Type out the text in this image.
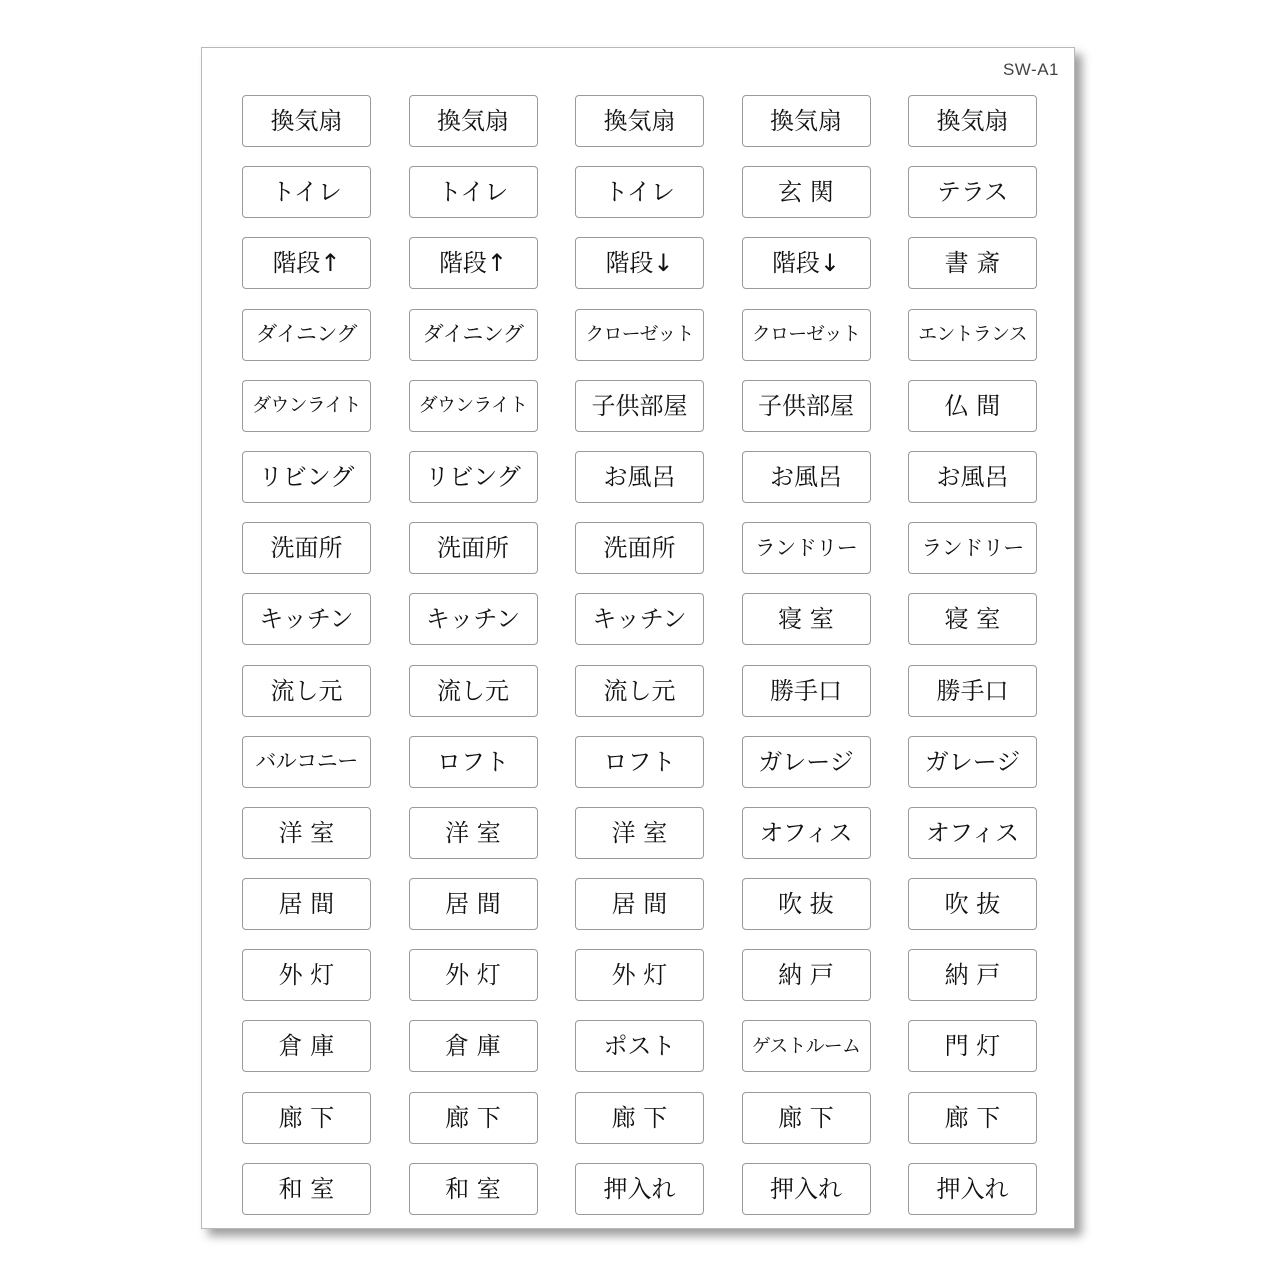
SW-A1
換気扇	換気扇	換気扇	換気扇	換気扇
トイレ	トイレ	トイレ	玄 関	テラス
階段↑	階段↑	階段↓	階段↓	書 斎
ダイニング	ダイニング	クローゼット	クローゼット	エントランス
ダウンライト	ダウンライト	子供部屋	子供部屋	仏 間
リビング	リビング	お風呂	お風呂	お風呂
洗面所	洗面所	洗面所	ランドリー	ランドリー
キッチン	キッチン	キッチン	寝 室	寝 室
流し元	流し元	流し元	勝手口	勝手口
バルコニー	ロフト	ロフト	ガレージ	ガレージ
洋 室	洋 室	洋 室	オフィス	オフィス
居 間	居 間	居 間	吹 抜	吹 抜
外 灯	外 灯	外 灯	納 戸	納 戸
倉 庫	倉 庫	ポスト	ゲストルーム	門 灯
廊 下	廊 下	廊 下	廊 下	廊 下
和 室	和 室	押入れ	押入れ	押入れ
